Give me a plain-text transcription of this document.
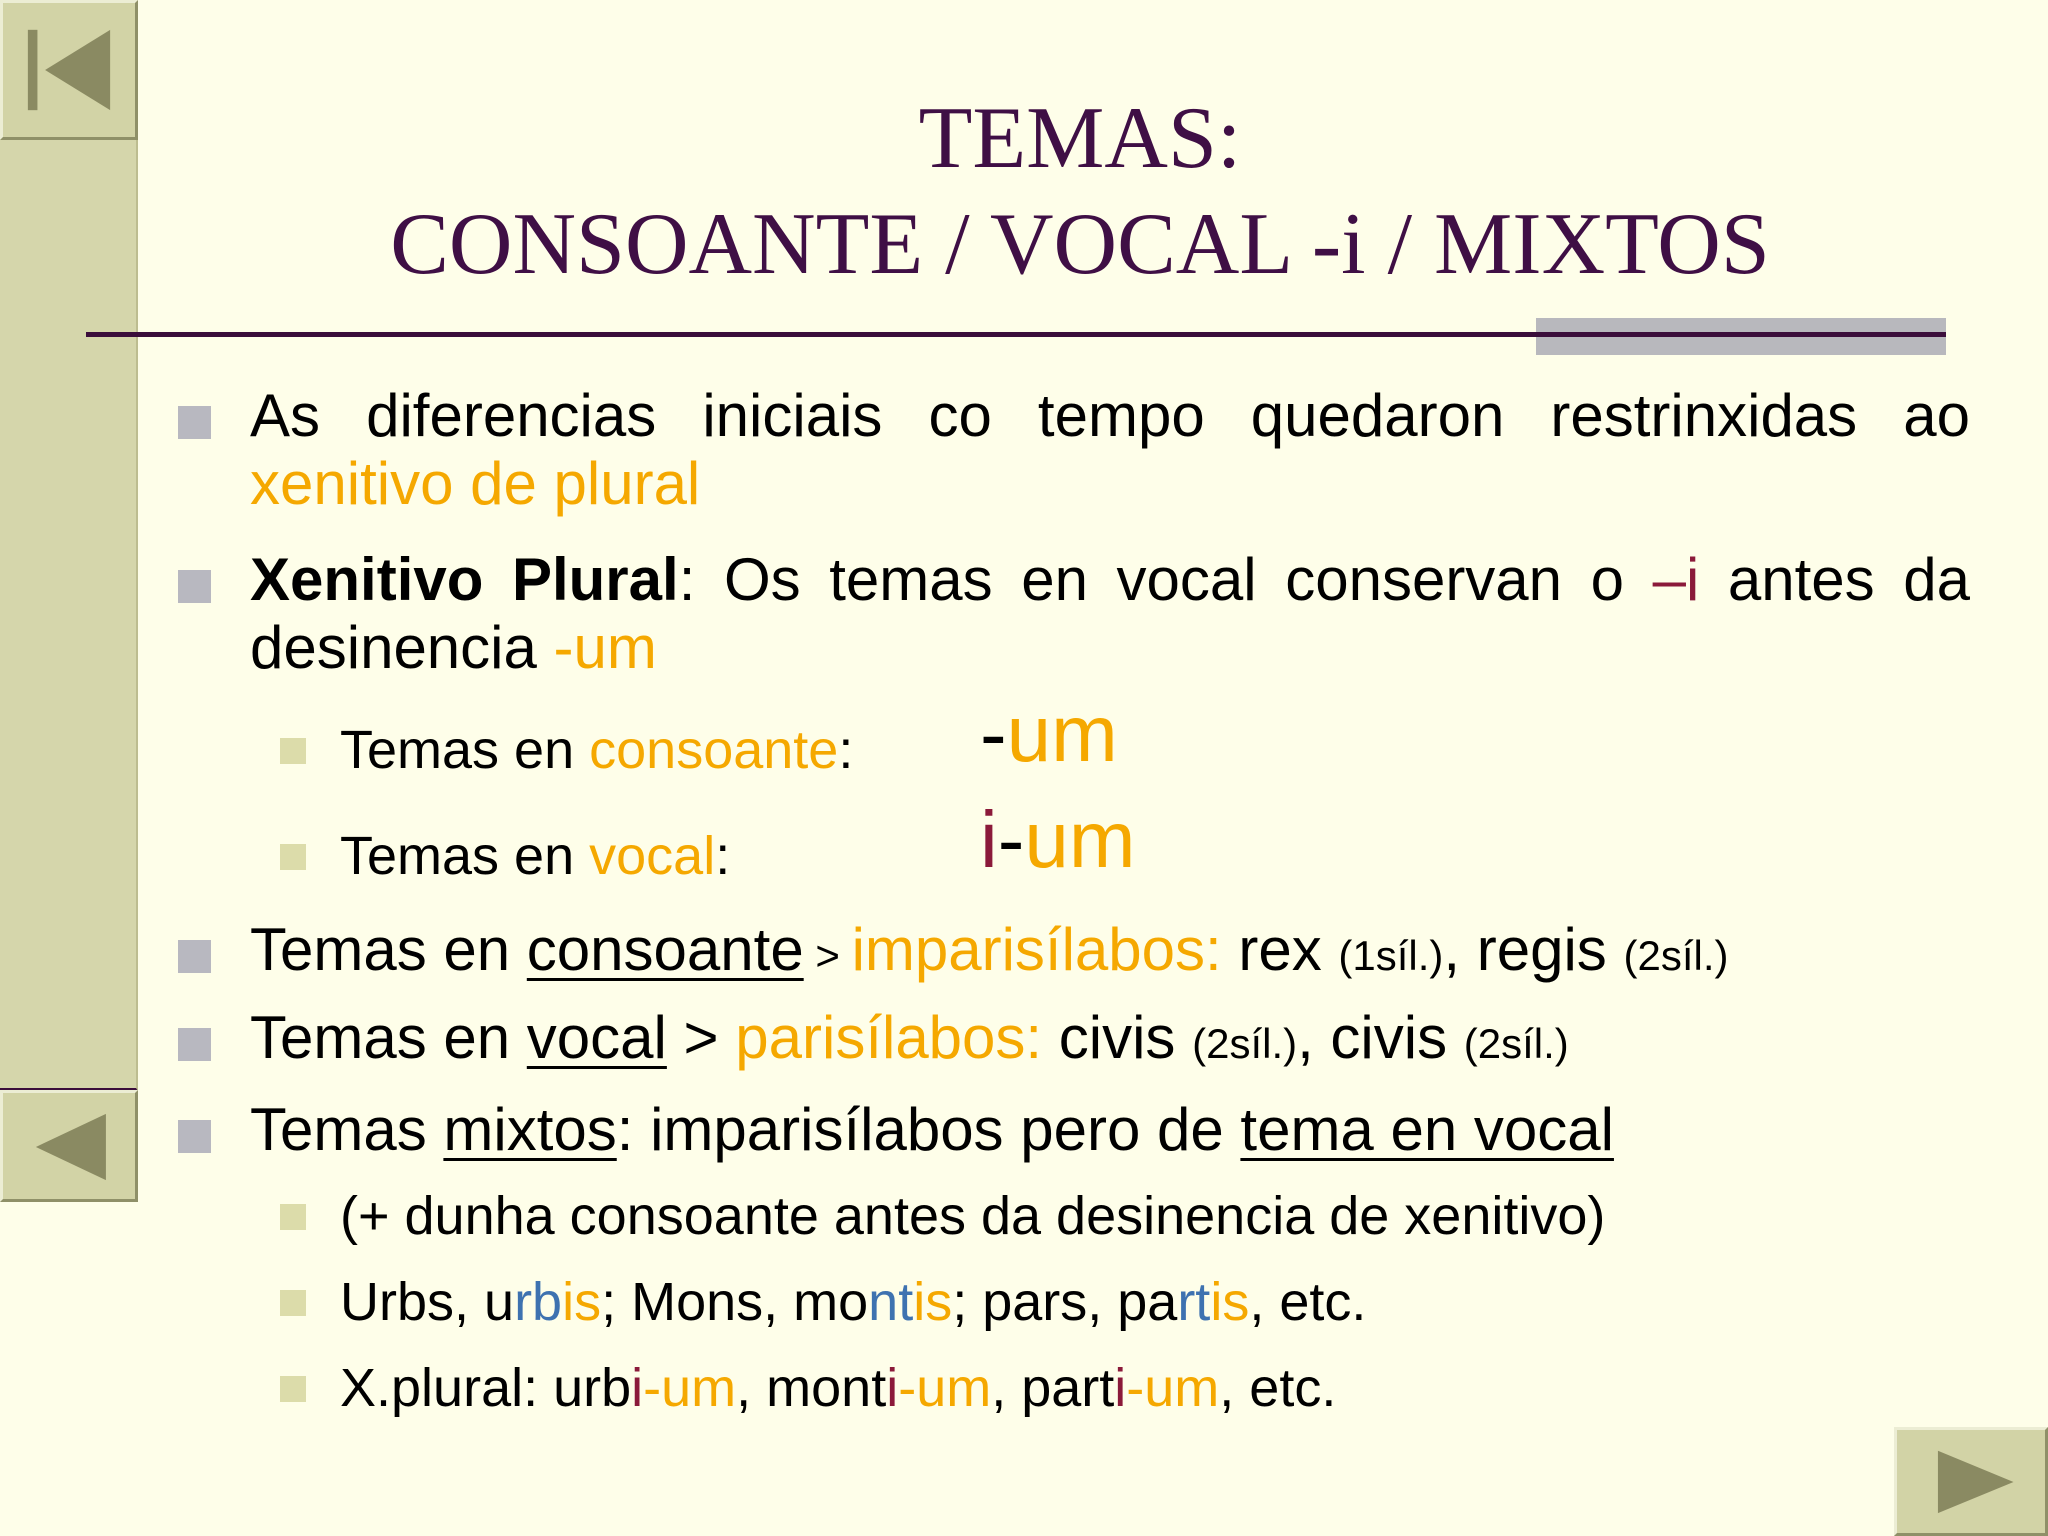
TEMAS:
CONSOANTE / VOCAL -i / MIXTOS
As diferencias iniciais co tempo quedaron restrinxidas ao xenitivo de plural
Xenitivo Plural: Os temas en vocal conservan o –i antes da desinencia -um
Temas en consoante: -um
Temas en vocal:	i-um
Temas en consoante > imparisílabos: rex (1síl.), regis (2síl.)
Temas en vocal > parisílabos: civis (2síl.), civis (2síl.)
Temas mixtos: imparisílabos pero de tema en vocal
(+ dunha consoante antes da desinencia de xenitivo)
Urbs, urbis; Mons, montis; pars, partis, etc.
X.plural: urbi-um, monti-um, parti-um, etc.
